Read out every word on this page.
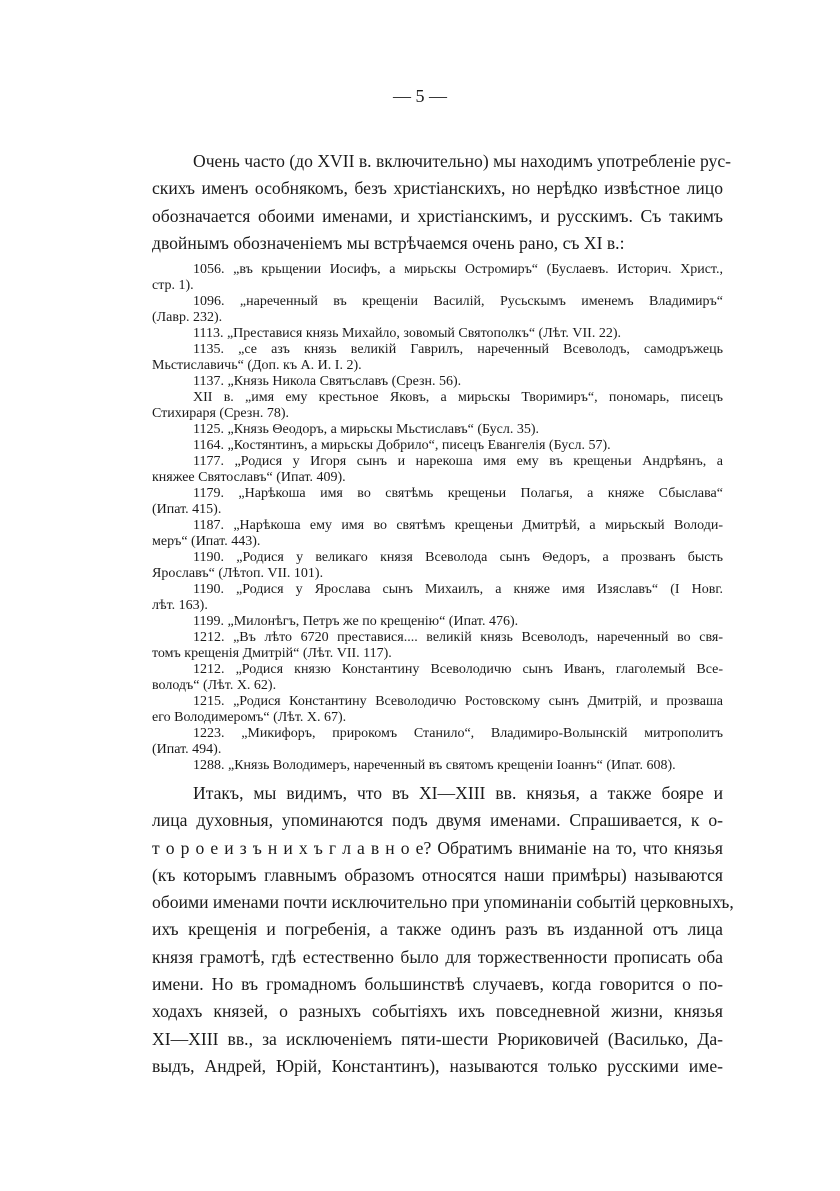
— 5 —
Очень часто (до XVII в. включительно) мы находимъ употребленіе рус-
скихъ именъ особнякомъ, безъ христіанскихъ, но нерѣдко извѣстное лицо
обозначается обоими именами, и христіанскимъ, и русскимъ. Съ такимъ
двойнымъ обозначеніемъ мы встрѣчаемся очень рано, съ XI в.:
1056. „въ крьщении Иосифъ, а мирьскы Остромиръ“ (Буслаевъ. Историч. Христ.,
стр. 1).
1096. „нареченный въ крещеніи Василій, Русьскымъ именемъ Владимиръ“
(Лавр. 232).
1113. „Преставися князь Михайло, зовомый Святополкъ“ (Лѣт. VII. 22).
1135. „се азъ князь великій Гаврилъ, нареченный Всеволодъ, самодръжець
Мьстиславичь“ (Доп. къ А. И. I. 2).
1137. „Князь Никола Святъславъ (Срезн. 56).
XII в. „имя ему крестьное Яковъ, а мирьскы Творимиръ“, пономарь, писецъ
Стихираря (Срезн. 78).
1125. „Князь Θеодоръ, а мирьскы Мьстиславъ“ (Бусл. 35).
1164. „Костянтинъ, а мирьскы Добрило“, писецъ Евангелія (Бусл. 57).
1177. „Родися у Игоря сынъ и нарекоша имя ему въ крещеньи Андрѣянъ, а
княжее Святославъ“ (Ипат. 409).
1179. „Нарѣкоша имя во святѣмь крещеньи Полагья, а княже Сбыслава“
(Ипат. 415).
1187. „Нарѣкоша ему имя во святѣмъ крещеньи Дмитрѣй, а мирьскый Володи-
меръ“ (Ипат. 443).
1190. „Родися у великаго князя Всеволода сынъ Θедоръ, а прозванъ бысть
Ярославъ“ (Лѣтоп. VII. 101).
1190. „Родися у Ярослава сынъ Михаилъ, а княже имя Изяславъ“ (I Новг.
лѣт. 163).
1199. „Милонѣгъ, Петръ же по крещенію“ (Ипат. 476).
1212. „Въ лѣто 6720 преставися.... великій князь Всеволодъ, нареченный во свя-
томъ крещенія Дмитрій“ (Лѣт. VII. 117).
1212. „Родися князю Константину Всеволодичю сынъ Иванъ, глаголемый Все-
володъ“ (Лѣт. X. 62).
1215. „Родися Константину Всеволодичю Ростовскому сынъ Дмитрій, и прозваша
его Володимеромъ“ (Лѣт. X. 67).
1223. „Микифоръ, прирокомъ Станило“, Владимиро-Волынскій митрополитъ
(Ипат. 494).
1288. „Князь Володимеръ, нареченный въ святомъ крещеніи Іоаннъ“ (Ипат. 608).
Итакъ, мы видимъ, что въ XI—XIII вв. князья, а также бояре и
лица духовныя, упоминаются подъ двумя именами. Спрашивается, к о-
т о р о е и з ъ н и х ъ г л а в н о е? Обратимъ вниманіе на то, что князья
(къ которымъ главнымъ образомъ относятся наши примѣры) называются
обоими именами почти исключительно при упоминаніи событій церковныхъ,
ихъ крещенія и погребенія, а также одинъ разъ въ изданной отъ лица
князя грамотѣ, гдѣ естественно было для торжественности прописать оба
имени. Но въ громадномъ большинствѣ случаевъ, когда говорится о по-
ходахъ князей, о разныхъ событіяхъ ихъ повседневной жизни, князья
XI—XIII вв., за исключеніемъ пяти-шести Рюриковичей (Василько, Да-
выдъ, Андрей, Юрій, Константинъ), называются только русскими име-
